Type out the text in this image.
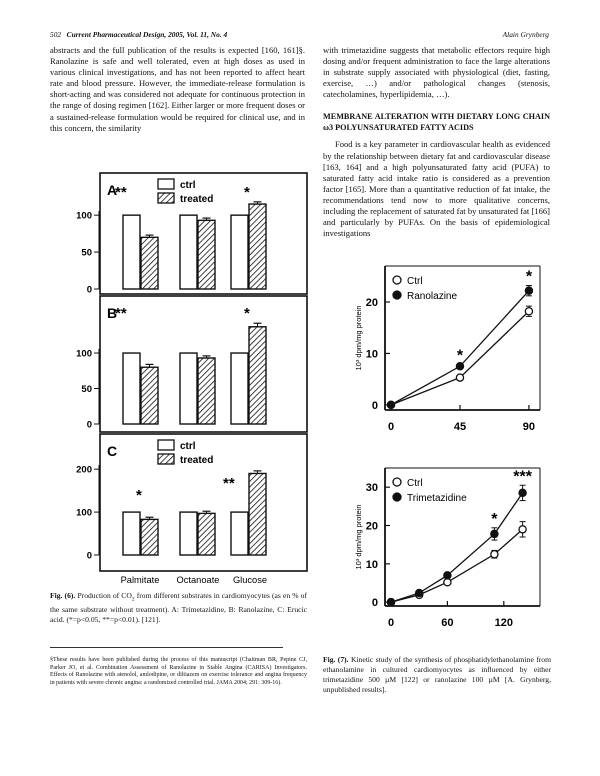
502 Current Pharmaceutical Design, 2005, Vol. 11, No. 4	Alain Grynberg

abstracts and the full publication of the results is expected [160, 161]§. Ranolazine is safe and well tolerated, even at high doses as used in various clinical investigations, and has not been reported to affect heart rate and blood pressure. However, the immediate-release formulation is short-acting and was considered not adequate for continuous protection in the range of dosing regimen [162]. Either larger or more frequent doses or a sustained-release formulation would be required for clinical use, and in this concern, the similarity

with trimetazidine suggests that metabolic effectors require high dosing and/or frequent administration to face the large alterations in substrate supply associated with physiological (diet, fasting, exercise, …) and/or pathological changes (stenosis, catecholamines, hyperlipidemia, …).

MEMBRANE ALTERATION WITH DIETARY LONG CHAIN ω3 POLYUNSATURATED FATTY ACIDS

Food is a key parameter in cardiovascular health as evidenced by the relationship between dietary fat and cardiovascular disease [163, 164] and a high polyunsaturated fatty acid (PUFA) to saturated fatty acid intake ratio is considered as a prevention factor [165]. More than a quantitative reduction of fat intake, the recommendations tend now to more qualitative concerns, including the replacement of saturated fat by unsaturated fat [166] and particularly by PUFAs. On the basis of epidemiological investigations

A
0
50
100
**	*
ctrl
treated
B
0
50
100
**	*
C
0
100
200
*
**
ctrl
treated
Palmitate Octanoate Glucose
Fig. (6). Production of $CO_2$ from different substrates in cardiomyocytes (as en % of the same substrate without treatment). A: Trimetazidine, B: Ranolazine, C: Erucic acid. (*=p<0.05, **=p<0.01). [121].
§These results have been published during the process of this manuscript (Chaitman BR, Pepine CJ, Parker JO, et al. Combination Assessment of Ranolazine in Stable Angina (CARISA) Investigators. Effects of Ranolazine with atenolol, amlodipine, or diltiazem on exercise tolerance and angina frequency in patients with severe chronic angina: a randomized controlled trial. JAMA 2004; 291: 309-16).
0
10
20
0	45	90
10³ dpm/mg protein	*
*
Ctrl
Ranolazine
0
10
20
30
0	60	120
10³ dpm/mg protein	*
***
Ctrl
Trimetazidine
Fig. (7). Kinetic study of the synthesis of phosphatidylethanolamine from ethanolamine in cultured cardiomyocytes as influenced by either trimetazidine 500 µM [122] or ranolazine 100 µM [A. Grynberg, unpublished results].
